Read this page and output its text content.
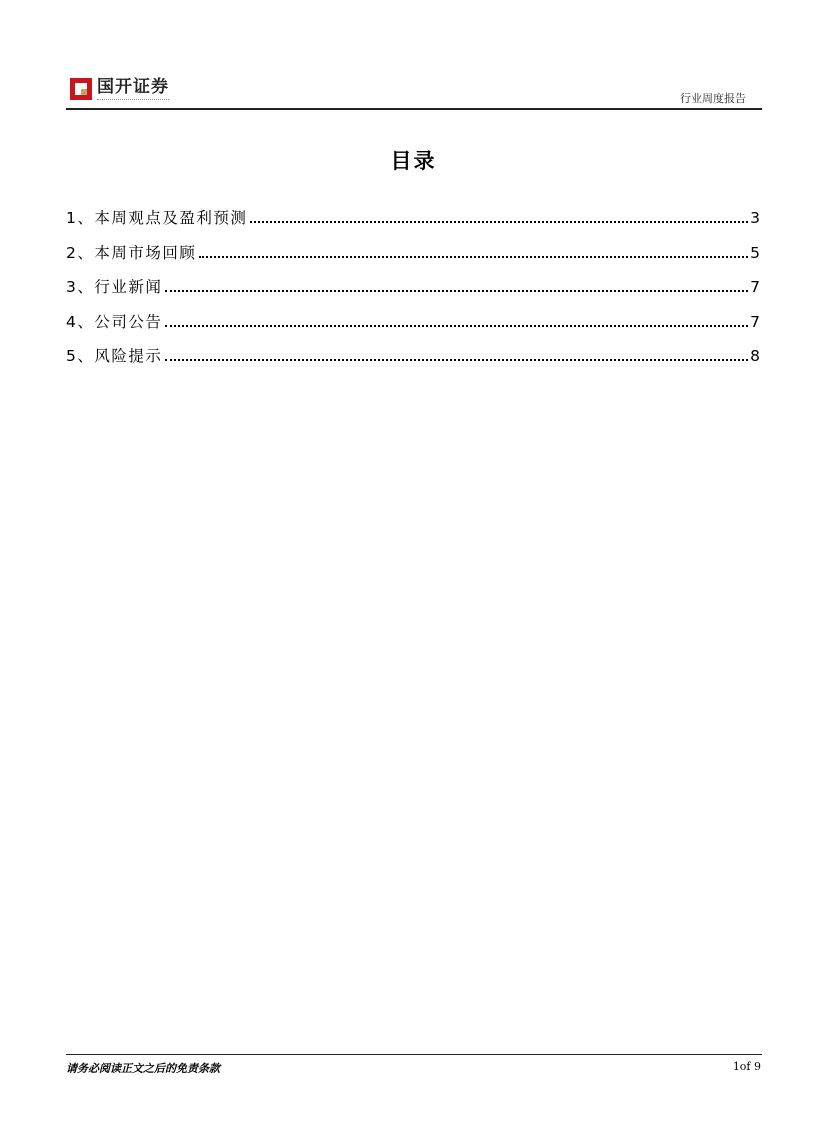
国开证券
行业周度报告
目录
1、本周观点及盈利预测	3
2、本周市场回顾	5
3、行业新闻	7
4、公司公告	7
5、风险提示	8
请务必阅读正文之后的免责条款	1of 9
